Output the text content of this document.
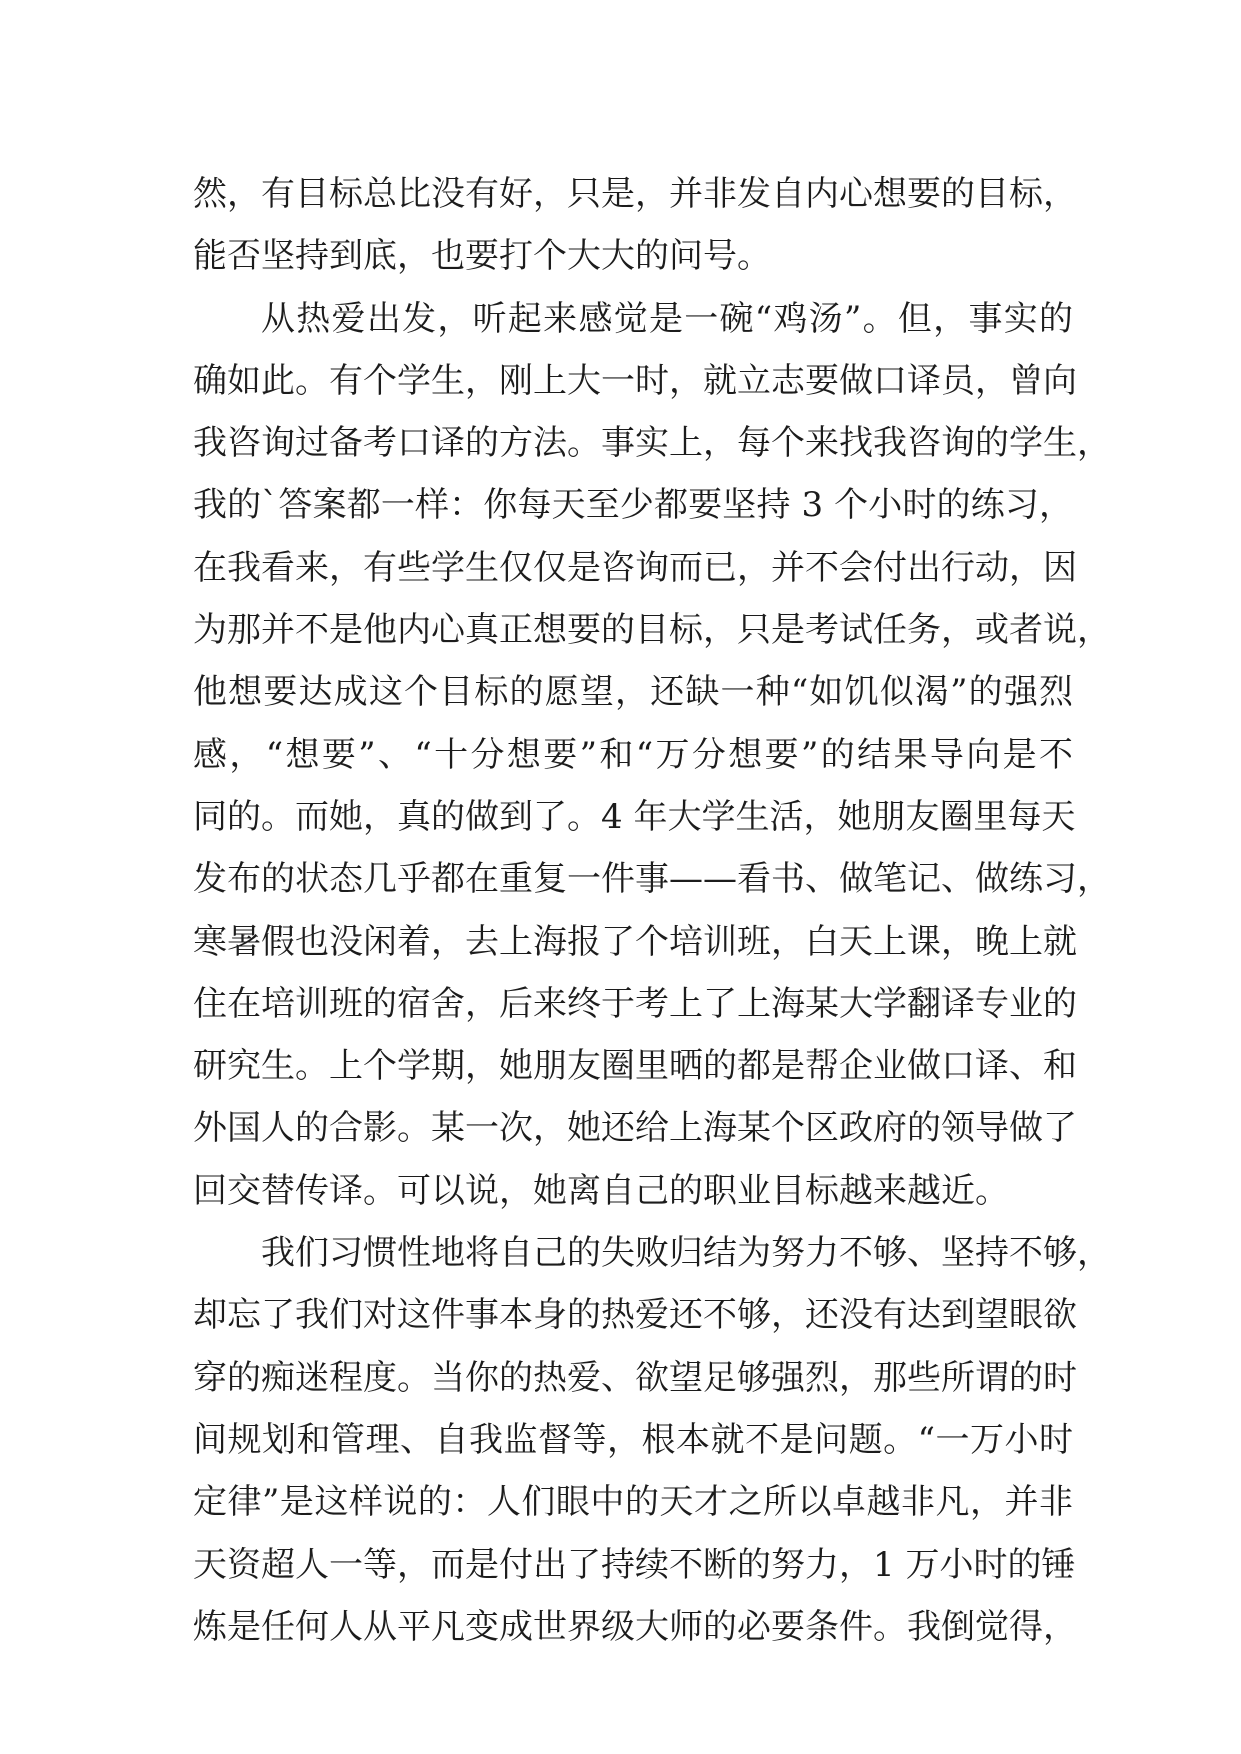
然，有目标总比没有好，只是，并非发自内心想要的目标，
能否坚持到底，也要打个大大的问号。
从热爱出发，听起来感觉是一碗“鸡汤”。但，事实的
确如此。有个学生，刚上大一时，就立志要做口译员，曾向
我咨询过备考口译的方法。事实上，每个来找我咨询的学生，
我的`答案都一样：你每天至少都要坚持 3 个小时的练习，
在我看来，有些学生仅仅是咨询而已，并不会付出行动，因
为那并不是他内心真正想要的目标，只是考试任务，或者说，
他想要达成这个目标的愿望，还缺一种“如饥似渴”的强烈
感，“想要”、“十分想要”和“万分想要”的结果导向是不
同的。而她，真的做到了。4 年大学生活，她朋友圈里每天
发布的状态几乎都在重复一件事——看书、做笔记、做练习，
寒暑假也没闲着，去上海报了个培训班，白天上课，晚上就
住在培训班的宿舍，后来终于考上了上海某大学翻译专业的
研究生。上个学期，她朋友圈里晒的都是帮企业做口译、和
外国人的合影。某一次，她还给上海某个区政府的领导做了
回交替传译。可以说，她离自己的职业目标越来越近。
我们习惯性地将自己的失败归结为努力不够、坚持不够，
却忘了我们对这件事本身的热爱还不够，还没有达到望眼欲
穿的痴迷程度。当你的热爱、欲望足够强烈，那些所谓的时
间规划和管理、自我监督等，根本就不是问题。“一万小时
定律”是这样说的：人们眼中的天才之所以卓越非凡，并非
天资超人一等，而是付出了持续不断的努力，1 万小时的锤
炼是任何人从平凡变成世界级大师的必要条件。我倒觉得，
